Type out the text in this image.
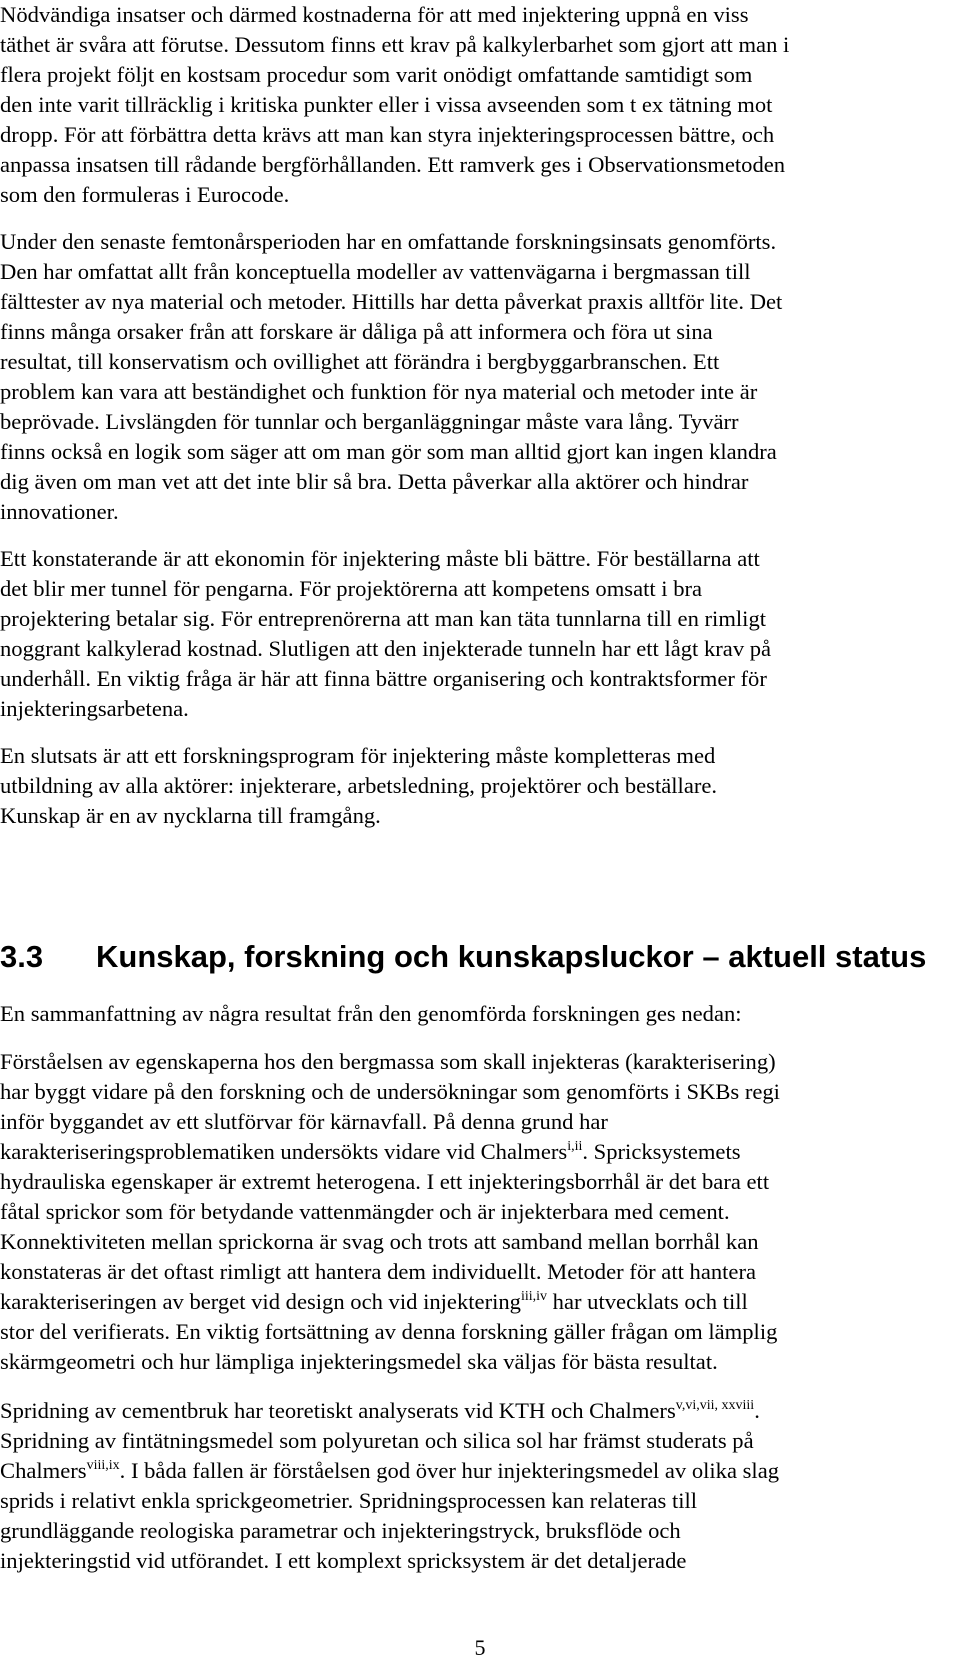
Nödvändiga insatser och därmed kostnaderna för att med injektering uppnå en viss
täthet är svåra att förutse. Dessutom finns ett krav på kalkylerbarhet som gjort att man i
flera projekt följt en kostsam procedur som varit onödigt omfattande samtidigt som
den inte varit tillräcklig i kritiska punkter eller i vissa avseenden som t ex tätning mot
dropp. För att förbättra detta krävs att man kan styra injekteringsprocessen bättre, och
anpassa insatsen till rådande bergförhållanden. Ett ramverk ges i Observationsmetoden
som den formuleras i Eurocode.
Under den senaste femtonårsperioden har en omfattande forskningsinsats genomförts.
Den har omfattat allt från konceptuella modeller av vattenvägarna i bergmassan till
fälttester av nya material och metoder. Hittills har detta påverkat praxis alltför lite. Det
finns många orsaker från att forskare är dåliga på att informera och föra ut sina
resultat, till konservatism och ovillighet att förändra i bergbyggarbranschen. Ett
problem kan vara att beständighet och funktion för nya material och metoder inte är
beprövade. Livslängden för tunnlar och berganläggningar måste vara lång. Tyvärr
finns också en logik som säger att om man gör som man alltid gjort kan ingen klandra
dig även om man vet att det inte blir så bra. Detta påverkar alla aktörer och hindrar
innovationer.
Ett konstaterande är att ekonomin för injektering måste bli bättre. För beställarna att
det blir mer tunnel för pengarna. För projektörerna att kompetens omsatt i bra
projektering betalar sig. För entreprenörerna att man kan täta tunnlarna till en rimligt
noggrant kalkylerad kostnad. Slutligen att den injekterade tunneln har ett lågt krav på
underhåll. En viktig fråga är här att finna bättre organisering och kontraktsformer för
injekteringsarbetena.
En slutsats är att ett forskningsprogram för injektering måste kompletteras med
utbildning av alla aktörer: injekterare, arbetsledning, projektörer och beställare.
Kunskap är en av nycklarna till framgång.
3.3 Kunskap, forskning och kunskapsluckor – aktuell status
En sammanfattning av några resultat från den genomförda forskningen ges nedan:
Förståelsen av egenskaperna hos den bergmassa som skall injekteras (karakterisering)
har byggt vidare på den forskning och de undersökningar som genomförts i SKBs regi
inför byggandet av ett slutförvar för kärnavfall. På denna grund har
karakteriseringsproblematiken undersökts vidare vid Chalmers$^{i,ii}$. Spricksystemets
hydrauliska egenskaper är extremt heterogena. I ett injekteringsborrhål är det bara ett
fåtal sprickor som för betydande vattenmängder och är injekterbara med cement.
Konnektiviteten mellan sprickorna är svag och trots att samband mellan borrhål kan
konstateras är det oftast rimligt att hantera dem individuellt. Metoder för att hantera
karakteriseringen av berget vid design och vid injektering$^{iii,iv}$ har utvecklats och till
stor del verifierats. En viktig fortsättning av denna forskning gäller frågan om lämplig
skärmgeometri och hur lämpliga injekteringsmedel ska väljas för bästa resultat.
Spridning av cementbruk har teoretiskt analyserats vid KTH och Chalmers$^{v,vi,vii, xxviii}$.
Spridning av fintätningsmedel som polyuretan och silica sol har främst studerats på
Chalmers$^{viii,ix}$. I båda fallen är förståelsen god över hur injekteringsmedel av olika slag
sprids i relativt enkla sprickgeometrier. Spridningsprocessen kan relateras till
grundläggande reologiska parametrar och injekteringstryck, bruksflöde och
injekteringstid vid utförandet. I ett komplext spricksystem är det detaljerade
5
